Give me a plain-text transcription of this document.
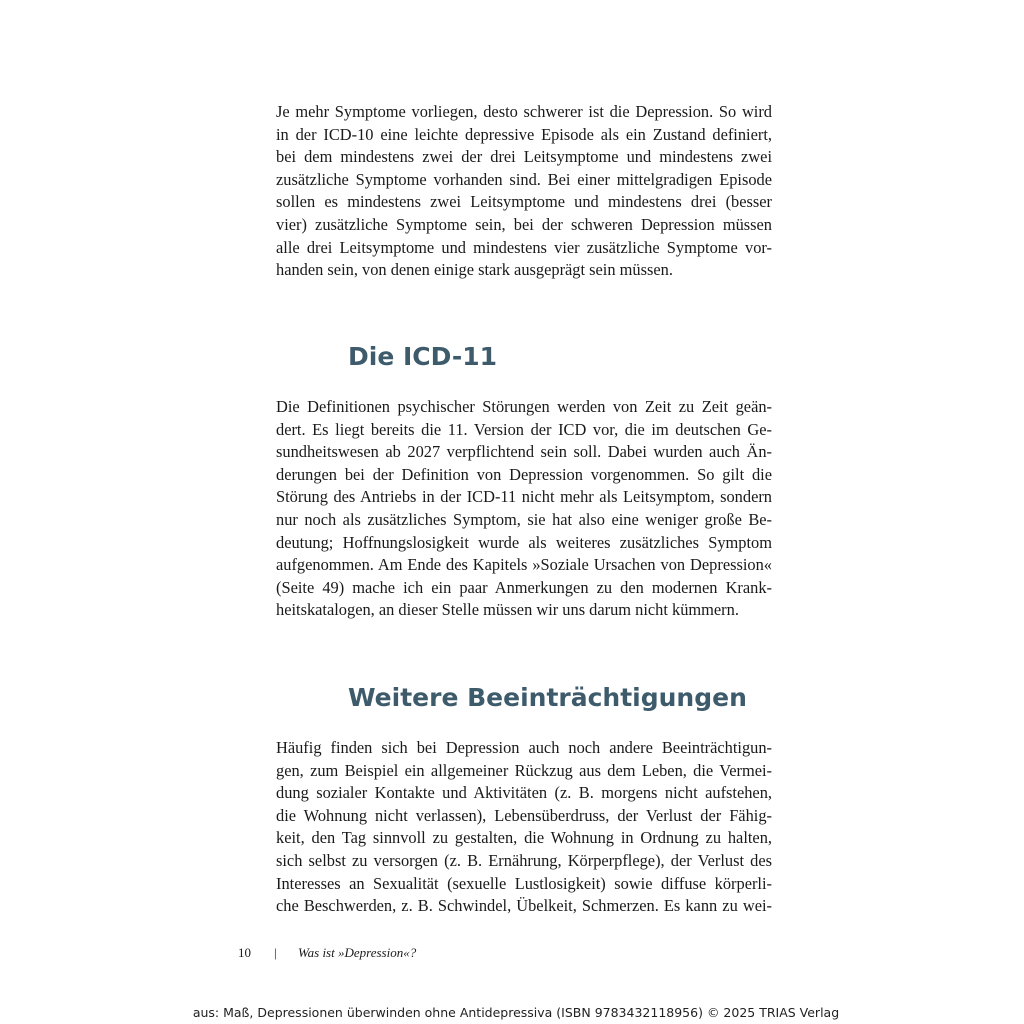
Je mehr Symptome vorliegen, desto schwerer ist die Depression. So wird
in der ICD-10 eine leichte depressive Episode als ein Zustand definiert,
bei dem mindestens zwei der drei Leitsymptome und mindestens zwei
zusätzliche Symptome vorhanden sind. Bei einer mittelgradigen Episode
sollen es mindestens zwei Leitsymptome und mindestens drei (besser
vier) zusätzliche Symptome sein, bei der schweren Depression müssen
alle drei Leitsymptome und mindestens vier zusätzliche Symptome vor-
handen sein, von denen einige stark ausgeprägt sein müssen.

Die ICD-11

Die Definitionen psychischer Störungen werden von Zeit zu Zeit geän-
dert. Es liegt bereits die 11. Version der ICD vor, die im deutschen Ge-
sundheitswesen ab 2027 verpflichtend sein soll. Dabei wurden auch Än-
derungen bei der Definition von Depression vorgenommen. So gilt die
Störung des Antriebs in der ICD-11 nicht mehr als Leitsymptom, sondern
nur noch als zusätzliches Symptom, sie hat also eine weniger große Be-
deutung; Hoffnungslosigkeit wurde als weiteres zusätzliches Symptom
aufgenommen. Am Ende des Kapitels »Soziale Ursachen von Depression«
(Seite 49) mache ich ein paar Anmerkungen zu den modernen Krank-
heitskatalogen, an dieser Stelle müssen wir uns darum nicht kümmern.

Weitere Beeinträchtigungen

Häufig finden sich bei Depression auch noch andere Beeinträchtigun-
gen, zum Beispiel ein allgemeiner Rückzug aus dem Leben, die Vermei-
dung sozialer Kontakte und Aktivitäten (z. B. morgens nicht aufstehen,
die Wohnung nicht verlassen), Lebensüberdruss, der Verlust der Fähig-
keit, den Tag sinnvoll zu gestalten, die Wohnung in Ordnung zu halten,
sich selbst zu versorgen (z. B. Ernährung, Körperpflege), der Verlust des
Interesses an Sexualität (sexuelle Lustlosigkeit) sowie diffuse körperli-
che Beschwerden, z. B. Schwindel, Übelkeit, Schmerzen. Es kann zu wei-

10 | Was ist »Depression«?
aus: Maß, Depressionen überwinden ohne Antidepressiva (ISBN 9783432118956) © 2025 TRIAS Verlag
